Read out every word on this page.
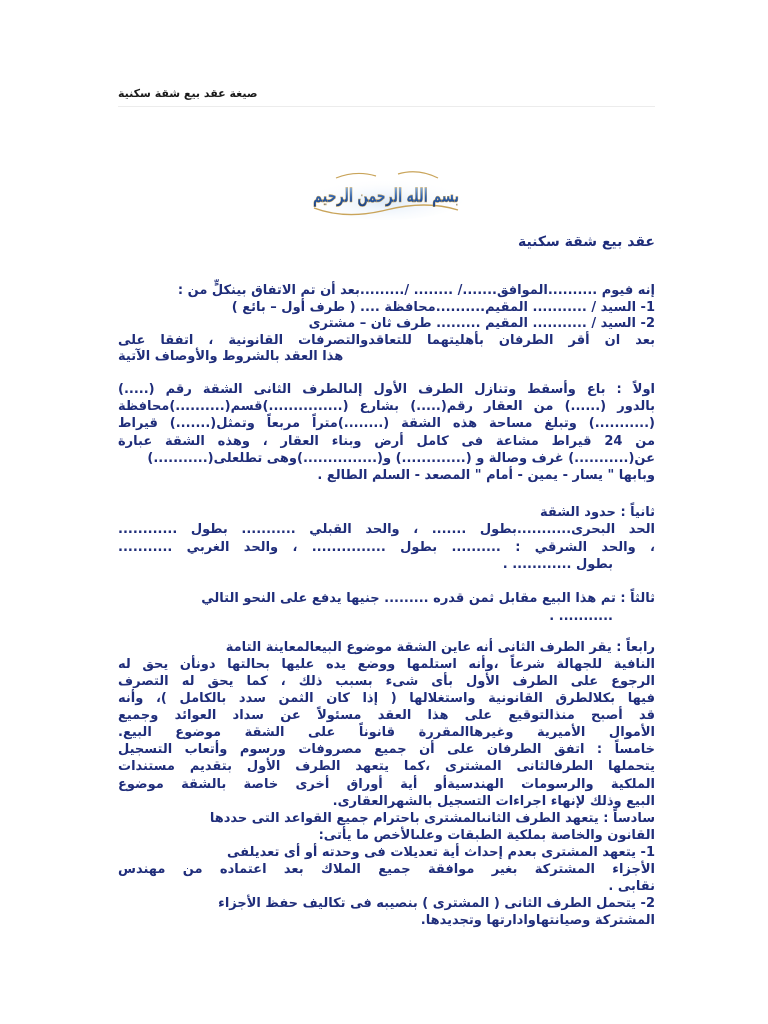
صيغة عقد بيع شقة سكنية
بسم الله الرحمن الرحيم
عقد بيع شقة سكنية
إنه فيوم ..........الموافق......./ ........ /.........بعد أن تم الاتفاق بينكلٍّ من :
1- السيد / ........... المقيم..........محافظة .... ( طرف أول – بائع )
2- السيد / ........... المقيم ......... طرف ثان – مشترى
بعد ان أقر الطرفان بأهليتهما للتعاقدوالتصرفات القانونية ، اتفقا على
هذا العقد بالشروط والأوصاف الآتية
اولاً : باع وأسقط وتنازل الطرف الأول إلىالطرف الثانى الشقة رقم (.....)
بالدور (......) من العقار رقم(.....) بشارع (...............)قسم(..........)محافظة
(...........) وتبلغ مساحة هذه الشقة (........)متراً مربعاً وتمثل(.......) قيراط
من 24 قيراط مشاعة فى كامل أرض وبناء العقار ، وهذه الشقة عبارة
عن(...........) غرف وصالة و (.............) و(...............)وهى تطلعلى(...........)
وبابها " يسار - يمين - أمام " المصعد - السلم الطالع .
ثانياً : حدود الشقة
الحد البحرى...........بطول ....... ، والحد القبلي ........... بطول ............
، والحد الشرقي : .......... بطول ............... ، والحد الغربي ...........
بطول ............ .
ثالثاً : تم هذا البيع مقابل ثمن قدره ......... جنيها يدفع على النحو التالي
........... .
رابعاً : يقر الطرف الثانى أنه عاين الشقة موضوع البيعالمعاينة التامة
النافية للجهالة شرعاً ،وأنه استلمها ووضع يده عليها بحالتها دونأن يحق له
الرجوع على الطرف الأول بأى شىء بسبب ذلك ، كما يحق له التصرف
فيها بكلالطرق القانونية واستغلالها ( إذا كان الثمن سدد بالكامل )، وأنه
قد أصبح منذالتوقيع على هذا العقد مسئولاً عن سداد العوائد وجميع
الأموال الأميرية وغيرهاالمقررة قانوناً على الشقة موضوع البيع.
خامساً : اتفق الطرفان على أن جميع مصروفات ورسوم وأتعاب التسجيل
يتحملها الطرفالثانى المشترى ،كما يتعهد الطرف الأول بتقديم مستندات
الملكية والرسومات الهندسيةأو أية أوراق أخرى خاصة بالشقة موضوع
البيع وذلك لإنهاء اجراءات التسجيل بالشهرالعقارى.
سادساً : يتعهد الطرف الثانىالمشترى باحترام جميع القواعد التى حددها
القانون والخاصة بملكية الطبقات وعلىالأخص ما يأتى:
1- يتعهد المشترى بعدم إحداث أية تعديلات فى وحدته أو أى تعديلفى
الأجزاء المشتركة بغير موافقة جميع الملاك بعد اعتماده من مهندس
نقابى .
2- يتحمل الطرف الثانى ( المشترى ) بنصيبه فى تكاليف حفظ الأجزاء
المشتركة وصيانتهاوادارتها وتجديدها.
